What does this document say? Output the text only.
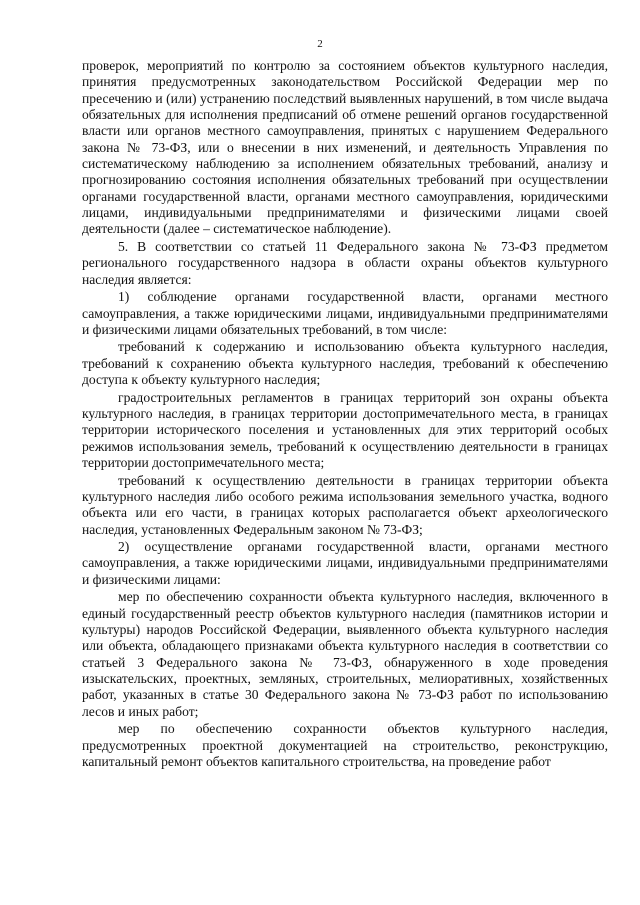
2

проверок, мероприятий по контролю за состоянием объектов культурного наследия, принятия предусмотренных законодательством Российской Федерации мер по пресечению и (или) устранению последствий выявленных нарушений, в том числе выдача обязательных для исполнения предписаний об отмене решений органов государственной власти или органов местного самоуправления, принятых с нарушением Федерального закона № 73-ФЗ, или о внесении в них изменений, и деятельность Управления по систематическому наблюдению за исполнением обязательных требований, анализу и прогнозированию состояния исполнения обязательных требований при осуществлении органами государственной власти, органами местного самоуправления, юридическими лицами, индивидуальными предпринимателями и физическими лицами своей деятельности (далее – систематическое наблюдение).

5. В соответствии со статьей 11 Федерального закона № 73-ФЗ предметом регионального государственного надзора в области охраны объектов культурного наследия является:

1) соблюдение органами государственной власти, органами местного самоуправления, а также юридическими лицами, индивидуальными предпринимателями и физическими лицами обязательных требований, в том числе:

требований к содержанию и использованию объекта культурного наследия, требований к сохранению объекта культурного наследия, требований к обеспечению доступа к объекту культурного наследия;

градостроительных регламентов в границах территорий зон охраны объекта культурного наследия, в границах территории достопримечательного места, в границах территории исторического поселения и установленных для этих территорий особых режимов использования земель, требований к осуществлению деятельности в границах территории достопримечательного места;

требований к осуществлению деятельности в границах территории объекта культурного наследия либо особого режима использования земельного участка, водного объекта или его части, в границах которых располагается объект археологического наследия, установленных Федеральным законом № 73-ФЗ;

2) осуществление органами государственной власти, органами местного самоуправления, а также юридическими лицами, индивидуальными предпринимателями и физическими лицами:

мер по обеспечению сохранности объекта культурного наследия, включенного в единый государственный реестр объектов культурного наследия (памятников истории и культуры) народов Российской Федерации, выявленного объекта культурного наследия или объекта, обладающего признаками объекта культурного наследия в соответствии со статьей 3 Федерального закона № 73-ФЗ, обнаруженного в ходе проведения изыскательских, проектных, земляных, строительных, мелиоративных, хозяйственных работ, указанных в статье 30 Федерального закона № 73-ФЗ работ по использованию лесов и иных работ;

мер по обеспечению сохранности объектов культурного наследия, предусмотренных проектной документацией на строительство, реконструкцию, капитальный ремонт объектов капитального строительства, на проведение работ
